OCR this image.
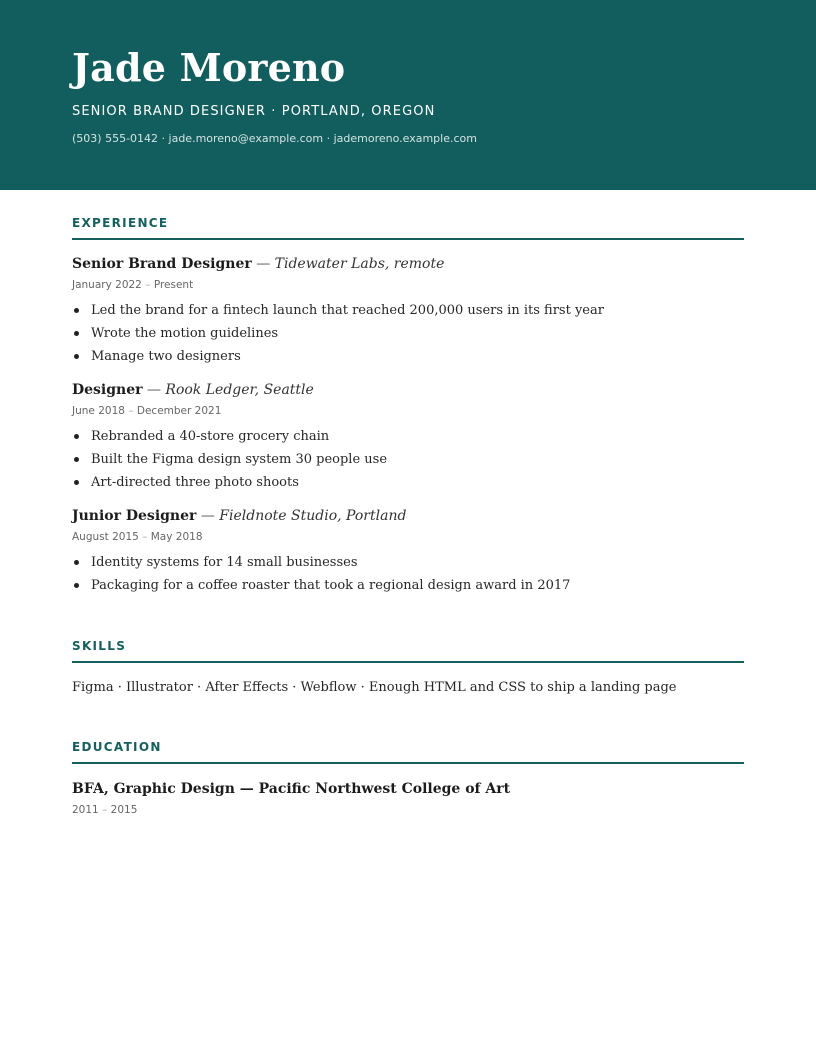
Jade Moreno
SENIOR BRAND DESIGNER · PORTLAND, OREGON
(503) 555-0142 · jade.moreno@example.com · jademoreno.example.com
EXPERIENCE
Senior Brand Designer — Tidewater Labs, remote
January 2022 – Present
Led the brand for a fintech launch that reached 200,000 users in its first year
Wrote the motion guidelines
Manage two designers
Designer — Rook Ledger, Seattle
June 2018 – December 2021
Rebranded a 40-store grocery chain
Built the Figma design system 30 people use
Art-directed three photo shoots
Junior Designer — Fieldnote Studio, Portland
August 2015 – May 2018
Identity systems for 14 small businesses
Packaging for a coffee roaster that took a regional design award in 2017
SKILLS
Figma · Illustrator · After Effects · Webflow · Enough HTML and CSS to ship a landing page
EDUCATION
BFA, Graphic Design — Pacific Northwest College of Art
2011 – 2015
